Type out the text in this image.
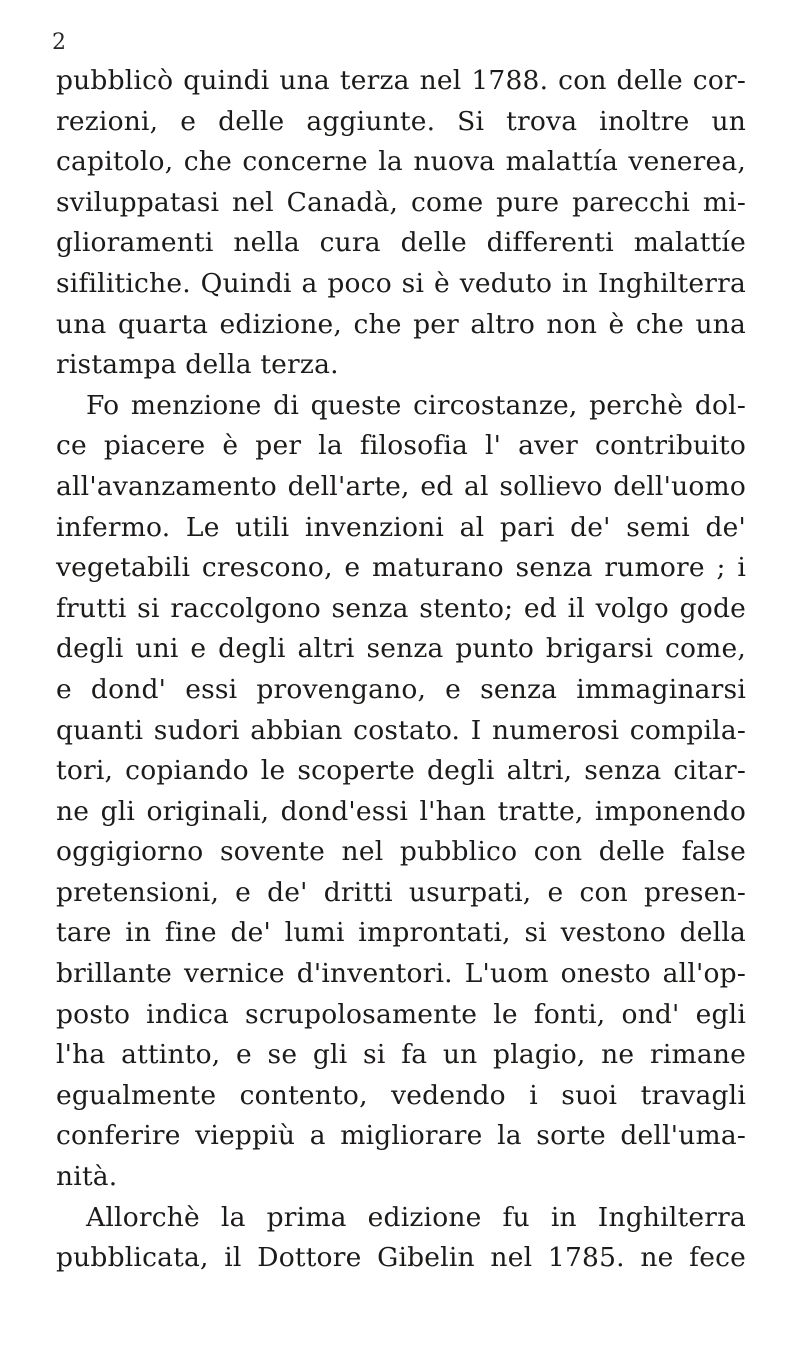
2
pubblicò quindi una terza nel 1788. con delle cor-
rezioni, e delle aggiunte. Si trova inoltre un
capitolo, che concerne la nuova malattía venerea,
sviluppatasi nel Canadà, come pure parecchi mi-
glioramenti nella cura delle differenti malattíe
sifilitiche. Quindi a poco si è veduto in Inghilterra
una quarta edizione, che per altro non è che una
ristampa della terza.
Fo menzione di queste circostanze, perchè dol-
ce piacere è per la filosofia l' aver contribuito
all'avanzamento dell'arte, ed al sollievo dell'uomo
infermo. Le utili invenzioni al pari de' semi de'
vegetabili crescono, e maturano senza rumore ; i
frutti si raccolgono senza stento; ed il volgo gode
degli uni e degli altri senza punto brigarsi come,
e dond' essi provengano, e senza immaginarsi
quanti sudori abbian costato. I numerosi compila-
tori, copiando le scoperte degli altri, senza citar-
ne gli originali, dond'essi l'han tratte, imponendo
oggigiorno sovente nel pubblico con delle false
pretensioni, e de' dritti usurpati, e con presen-
tare in fine de' lumi improntati, si vestono della
brillante vernice d'inventori. L'uom onesto all'op-
posto indica scrupolosamente le fonti, ond' egli
l'ha attinto, e se gli si fa un plagio, ne rimane
egualmente contento, vedendo i suoi travagli
conferire vieppiù a migliorare la sorte dell'uma-
nità.
Allorchè la prima edizione fu in Inghilterra
pubblicata, il Dottore Gibelin nel 1785. ne fece
